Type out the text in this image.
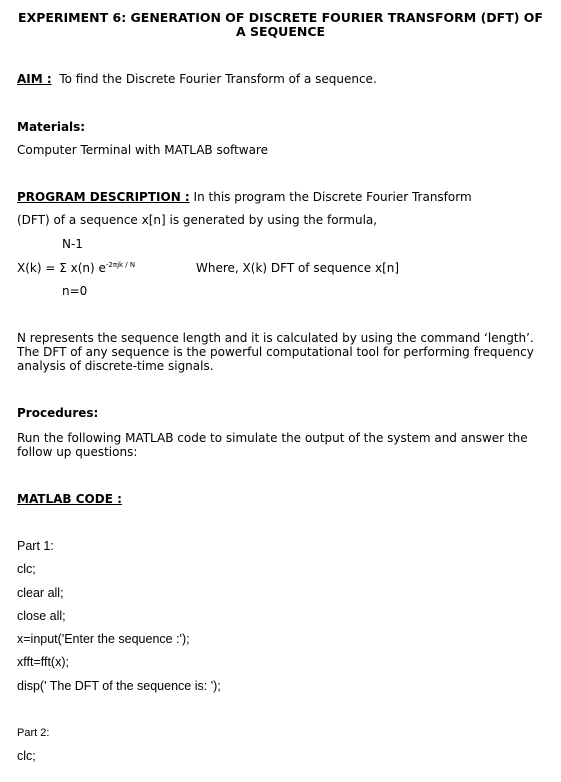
EXPERIMENT 6: GENERATION OF DISCRETE FOURIER TRANSFORM (DFT) OF
A SEQUENCE
AIM : To find the Discrete Fourier Transform of a sequence.
Materials:
Computer Terminal with MATLAB software
PROGRAM DESCRIPTION : In this program the Discrete Fourier Transform
(DFT) of a sequence x[n] is generated by using the formula,
N-1
X(k) = Σ x(n) $e^{-2\pi jk / N}$	Where, X(k) DFT of sequence x[n]
n=0
N represents the sequence length and it is calculated by using the command ‘length’.
The DFT of any sequence is the powerful computational tool for performing frequency
analysis of discrete-time signals.
Procedures:
Run the following MATLAB code to simulate the output of the system and answer the
follow up questions:
MATLAB CODE :
Part 1:
clc;
clear all;
close all;
x=input('Enter the sequence :');
xfft=fft(x);
disp(' The DFT of the sequence is: ');
Part 2:
clc;
